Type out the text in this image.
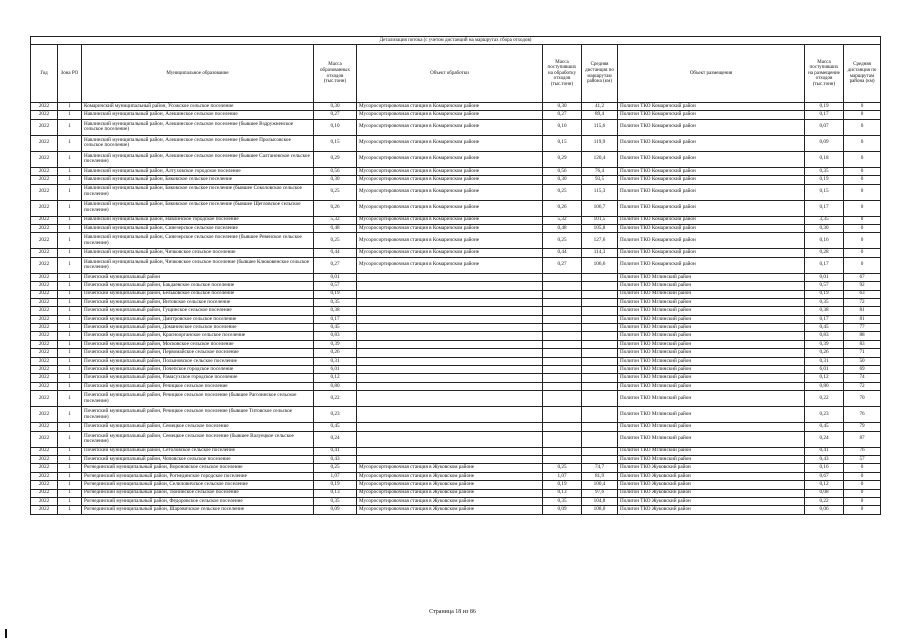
Детализация потока (с учетом дистанций на маршрутах сбора отходов)									
Год	Зона РО	Муниципальное образование	Масса образованных отходов (тыс.тонн)	Объект обработки	Масса поступивших на обработку отходов (тыс.тонн)	Средняя дистанция по маршрутам района (км)	Объект размещения	Масса поступивших на размещение отходов (тыс.тонн)	Средняя дистанция по маршрутам района (км)
2022	1	Комаричский муниципальный район, Усожское сельское поселение	0,30	Мусоросортировочная станция в Комаричском районе	0,30	41,2	Полигон ТКО Комаричский район	0,19	0
2022	1	Навлинский муниципальный район, Алешинское сельское поселение	0,27	Мусоросортировочная станция в Комаричском районе	0,27	89,4	Полигон ТКО Комаричский район	0,17	0
2022	1	Навлинский муниципальный район, Алешинское сельское поселение (бывшее Вздружненское сельское поселение)	0,10	Мусоросортировочная станция в Комаричском районе	0,10	115,6	Полигон ТКО Комаричский район	0,07	0
2022	1	Навлинский муниципальный район, Алешинское сельское поселение (бывшее Пролысовское сельское поселение)	0,15	Мусоросортировочная станция в Комаричском районе	0,15	119,9	Полигон ТКО Комаричский район	0,09	0
2022	1	Навлинский муниципальный район, Алешинское сельское поселение (бывшее Салтановское сельское поселение)	0,29	Мусоросортировочная станция в Комаричском районе	0,29	120,4	Полигон ТКО Комаричский район	0,18	0
2022	1	Навлинский муниципальный район, Алтуховское городское поселение	0,56	Мусоросортировочная станция в Комаричском районе	0,56	76,4	Полигон ТКО Комаричский район	0,35	0
2022	1	Навлинский муниципальный район, Бяковское сельское поселение	0,30	Мусоросортировочная станция в Комаричском районе	0,30	93,5	Полигон ТКО Комаричский район	0,19	0
2022	1	Навлинский муниципальный район, Бяковское сельское поселение (бывшее Соколовское сельское поселение)	0,25	Мусоросортировочная станция в Комаричском районе	0,25	115,3	Полигон ТКО Комаричский район	0,15	0
2022	1	Навлинский муниципальный район, Бяковское сельское поселение (бывшее Щегловское сельское поселение)	0,26	Мусоросортировочная станция в Комаричском районе	0,26	106,7	Полигон ТКО Комаричский район	0,17	0
2022	1	Навлинский муниципальный район, Навлинское городское поселение	5,32	Мусоросортировочная станция в Комаричском районе	5,32	101,5	Полигон ТКО Комаричский район	3,35	0
2022	1	Навлинский муниципальный район, Синезерское сельское поселение	0,48	Мусоросортировочная станция в Комаричском районе	0,48	105,8	Полигон ТКО Комаричский район	0,30	0
2022	1	Навлинский муниципальный район, Синезерское сельское поселение (бывшее Ревенское сельское поселение)	0,25	Мусоросортировочная станция в Комаричском районе	0,25	127,6	Полигон ТКО Комаричский район	0,16	0
2022	1	Навлинский муниципальный район, Чичковское сельское поселение	0,44	Мусоросортировочная станция в Комаричском районе	0,44	114,3	Полигон ТКО Комаричский район	0,28	0
2022	1	Навлинский муниципальный район, Чичковское сельское поселение (бывшее Клюковенское сельское поселение)	0,27	Мусоросортировочная станция в Комаричском районе	0,27	106,6	Полигон ТКО Комаричский район	0,17	0
2022	1	Почепский муниципальный район	0,01				Полигон ТКО Мглинский район	0,01	67
2022	1	Почепский муниципальный район, Бакдаевское сельское поселение	0,57				Полигон ТКО Мглинский район	0,57	92
2022	1	Почепский муниципальный район, Бельковское сельское поселение	0,19				Полигон ТКО Мглинский район	0,19	63
2022	1	Почепский муниципальный район, Витовское сельское поселение	0,35				Полигон ТКО Мглинский район	0,35	72
2022	1	Почепский муниципальный район, Гущинское сельское поселение	0,38				Полигон ТКО Мглинский район	0,38	81
2022	1	Почепский муниципальный район, Дмитровское сельское поселение	0,17				Полигон ТКО Мглинский район	0,17	81
2022	1	Почепский муниципальный район, Доманичское сельское поселение	0,45				Полигон ТКО Мглинский район	0,45	77
2022	1	Почепский муниципальный район, Красноорганское сельское поселение	0,83				Полигон ТКО Мглинский район	0,83	88
2022	1	Почепский муниципальный район, Московское сельское поселение	0,39				Полигон ТКО Мглинский район	0,39	83
2022	1	Почепский муниципальный район, Первомайское сельское поселение	0,26				Полигон ТКО Мглинский район	0,26	71
2022	1	Почепский муниципальный район, Полыновское сельское поселение	0,31				Полигон ТКО Мглинский район	0,31	50
2022	1	Почепский муниципальный район, Почепское городское поселение	6,01				Полигон ТКО Мглинский район	6,01	69
2022	1	Почепский муниципальный район, Рамасухское городское поселение	0,12				Полигон ТКО Мглинский район	0,12	74
2022	1	Почепский муниципальный район, Речицкое сельское поселение	0,80				Полигон ТКО Мглинский район	0,80	72
2022	1	Почепский муниципальный район, Речицкое сельское поселение (бывшее Рагозинское сельское поселение)	0,22				Полигон ТКО Мглинский район	0,22	70
2022	1	Почепский муниципальный район, Речицкое сельское поселение (бывшее Титовское сельское поселение)	0,23				Полигон ТКО Мглинский район	0,23	76
2022	1	Почепский муниципальный район, Семецкое сельское поселение	0,45				Полигон ТКО Мглинский район	0,45	79
2022	1	Почепский муниципальный район, Семецкое сельское поселение (бывшее Валуецкое сельское поселение)	0,24				Полигон ТКО Мглинский район	0,24	87
2022	1	Почепский муниципальный район, Сетоловское сельское поселение	0,41				Полигон ТКО Мглинский район	0,41	76
2022	1	Почепский муниципальный район, Чоповское сельское поселение	0,43				Полигон ТКО Мглинский район	0,43	57
2022	1	Рогнединский муниципальный район, Вороновское сельское поселение	0,25	Мусоросортировочная станция в Жуковском районе	0,25	74,7	Полигон ТКО Жуковский район	0,16	0
2022	1	Рогнединский муниципальный район, Рогнединское городское поселение	1,07	Мусоросортировочная станция в Жуковском районе	1,07	81,9	Полигон ТКО Жуковский район	0,67	0
2022	1	Рогнединский муниципальный район, Селиловичское сельское поселение	0,19	Мусоросортировочная станция в Жуковском районе	0,19	100,4	Полигон ТКО Жуковский район	0,12	0
2022	1	Рогнединский муниципальный район, Тюнинское сельское поселение	0,13	Мусоросортировочная станция в Жуковском районе	0,13	97,6	Полигон ТКО Жуковский район	0,08	0
2022	1	Рогнединский муниципальный район, Федоровское сельское поселение	0,35	Мусоросортировочная станция в Жуковском районе	0,35	104,8	Полигон ТКО Жуковский район	0,22	0
2022	1	Рогнединский муниципальный район, Шаровичское сельское поселение	0,09	Мусоросортировочная станция в Жуковском районе	0,09	108,0	Полигон ТКО Жуковский район	0,06	0
Страница 18 из 86
